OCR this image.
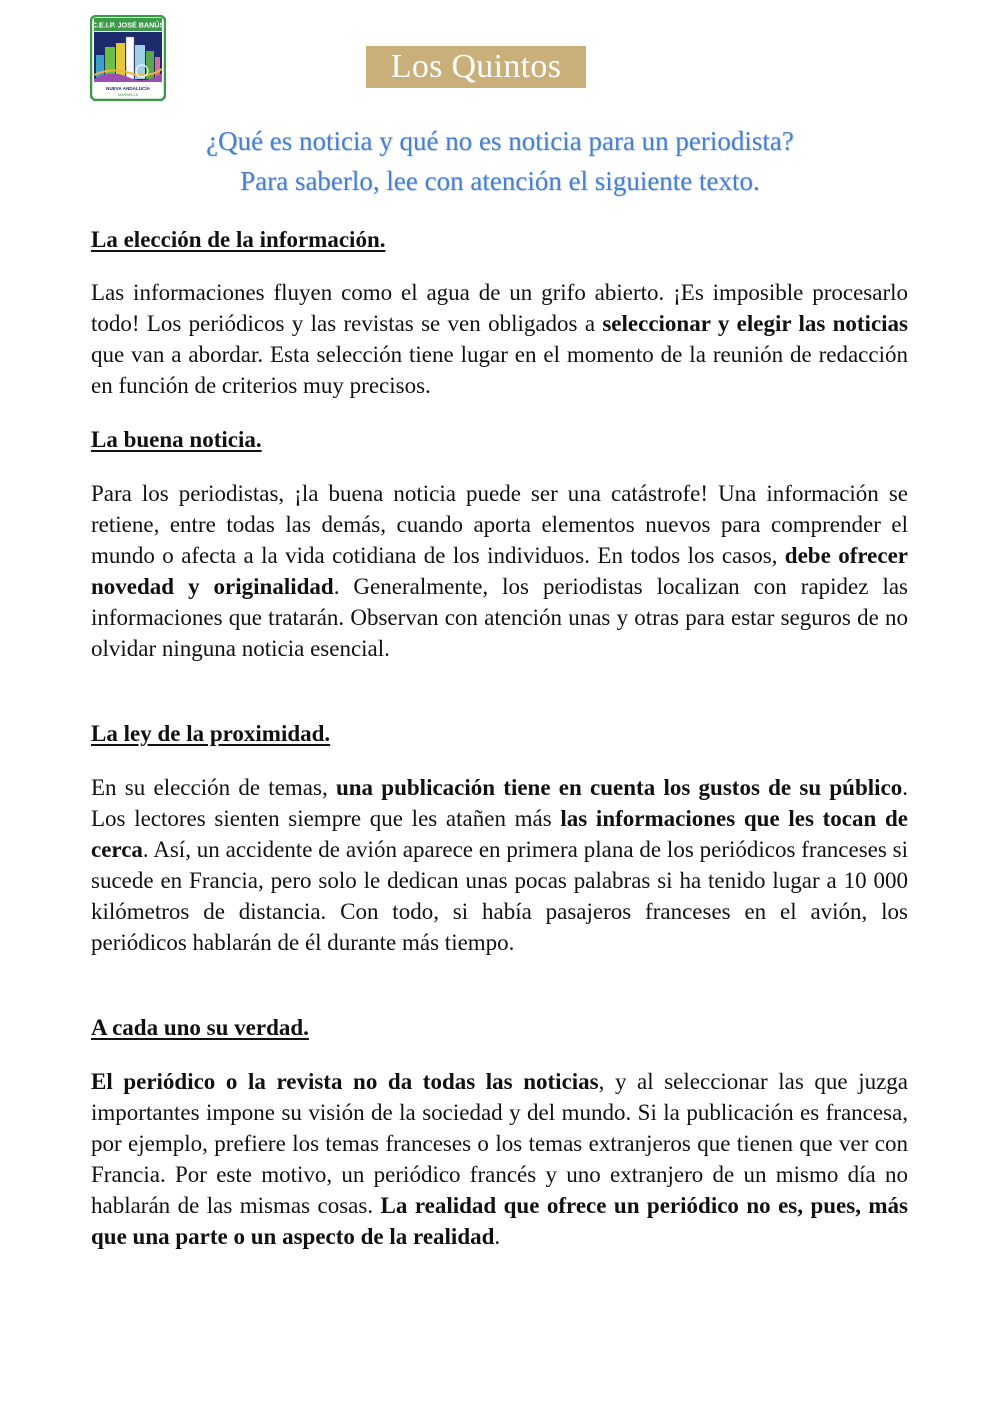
C.E.I.P. JOSÉ BANÚS
NUEVA ANDALUCÍA
MARBELLA
Los Quintos
¿Qué es noticia y qué no es noticia para un periodista?
Para saberlo, lee con atención el siguiente texto.
La elección de la información.
Las informaciones fluyen como el agua de un grifo abierto. ¡Es imposible procesarlo todo! Los periódicos y las revistas se ven obligados a seleccionar y elegir las noticias que van a abordar. Esta selección tiene lugar en el momento de la reunión de redacción en función de criterios muy precisos.
La buena noticia.
Para los periodistas, ¡la buena noticia puede ser una catástrofe! Una información se retiene, entre todas las demás, cuando aporta elementos nuevos para comprender el mundo o afecta a la vida cotidiana de los individuos. En todos los casos, debe ofrecer novedad y originalidad. Generalmente, los periodistas localizan con rapidez las informaciones que tratarán. Observan con atención unas y otras para estar seguros de no olvidar ninguna noticia esencial.
La ley de la proximidad.
En su elección de temas, una publicación tiene en cuenta los gustos de su público. Los lectores sienten siempre que les atañen más las informaciones que les tocan de cerca. Así, un accidente de avión aparece en primera plana de los periódicos franceses si sucede en Francia, pero solo le dedican unas pocas palabras si ha tenido lugar a 10 000 kilómetros de distancia. Con todo, si había pasajeros franceses en el avión, los periódicos hablarán de él durante más tiempo.
A cada uno su verdad.
El periódico o la revista no da todas las noticias, y al seleccionar las que juzga importantes impone su visión de la sociedad y del mundo. Si la publicación es francesa, por ejemplo, prefiere los temas franceses o los temas extranjeros que tienen que ver con Francia. Por este motivo, un periódico francés y uno extranjero de un mismo día no hablarán de las mismas cosas. La realidad que ofrece un periódico no es, pues, más que una parte o un aspecto de la realidad.
